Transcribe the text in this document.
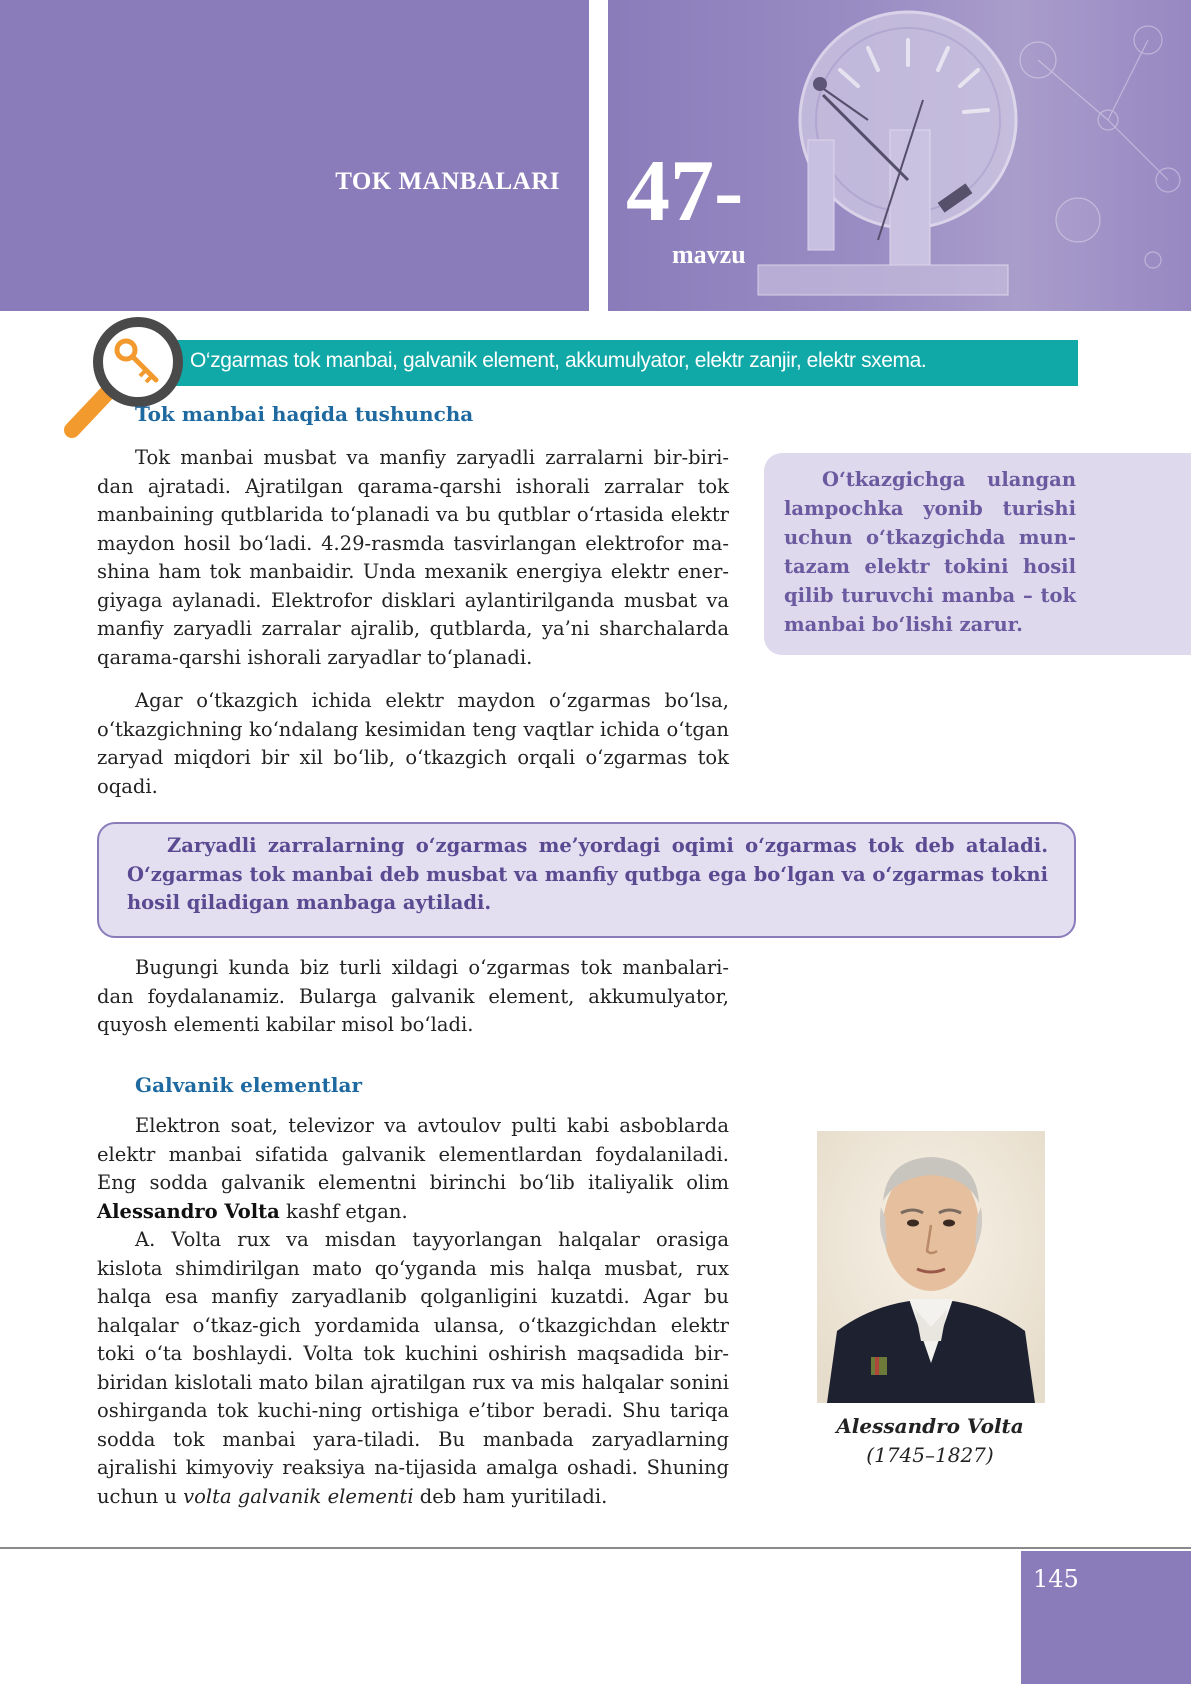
TOK MANBALARI 47-
mavzu
O‘zgarmas tok manbai, galvanik element, akkumulyator, elektr zanjir, elektr sxema.
Tok manbai haqida tushuncha

Tok manbai musbat va manfiy zaryadli zarralarni bir-biri-dan ajratadi. Ajratilgan qarama-qarshi ishorali zarralar tok manbaining qutblarida to‘planadi va bu qutblar o‘rtasida elektr maydon hosil bo‘ladi. 4.29-rasmda tasvirlangan elektrofor ma-shina ham tok manbaidir. Unda mexanik energiya elektr ener-giyaga aylanadi. Elektrofor disklari aylantirilganda musbat va manfiy zaryadli zarralar ajralib, qutblarda, ya’ni sharchalarda qarama-qarshi ishorali zaryadlar to‘planadi.

Agar o‘tkazgich ichida elektr maydon o‘zgarmas bo‘lsa, o‘tkazgichning ko‘ndalang kesimidan teng vaqtlar ichida o‘tgan zaryad miqdori bir xil bo‘lib, o‘tkazgich orqali o‘zgarmas tok oqadi.

O‘tkazgichga ulangan lampochka yonib turishi uchun o‘tkazgichda mun-tazam elektr tokini hosil qilib turuvchi manba – tok manbai bo‘lishi zarur.

Zaryadli zarralarning o‘zgarmas me’yordagi oqimi o‘zgarmas tok deb ataladi. O‘zgarmas tok manbai deb musbat va manfiy qutbga ega bo‘lgan va o‘zgarmas tokni hosil qiladigan manbaga aytiladi.

Bugungi kunda biz turli xildagi o‘zgarmas tok manbalari-dan foydalanamiz. Bularga galvanik element, akkumulyator, quyosh elementi kabilar misol bo‘ladi.

Galvanik elementlar

Elektron soat, televizor va avtoulov pulti kabi asboblarda elektr manbai sifatida galvanik elementlardan foydalaniladi. Eng sodda galvanik elementni birinchi bo‘lib italiyalik olim Alessandro Volta kashf etgan.

A. Volta rux va misdan tayyorlangan halqalar orasiga kislota shimdirilgan mato qo‘yganda mis halqa musbat, rux halqa esa manfiy zaryadlanib qolganligini kuzatdi. Agar bu halqalar o‘tkaz-gich yordamida ulansa, o‘tkazgichdan elektr toki o‘ta boshlaydi. Volta tok kuchini oshirish maqsadida bir-biridan kislotali mato bilan ajratilgan rux va mis halqalar sonini oshirganda tok kuchi-ning ortishiga e’tibor beradi. Shu tariqa sodda tok manbai yara-tiladi. Bu manbada zaryadlarning ajralishi kimyoviy reaksiya na-tijasida amalga oshadi. Shuning uchun u volta galvanik elementi deb ham yuritiladi.

Alessandro Volta
(1745–1827)
145
